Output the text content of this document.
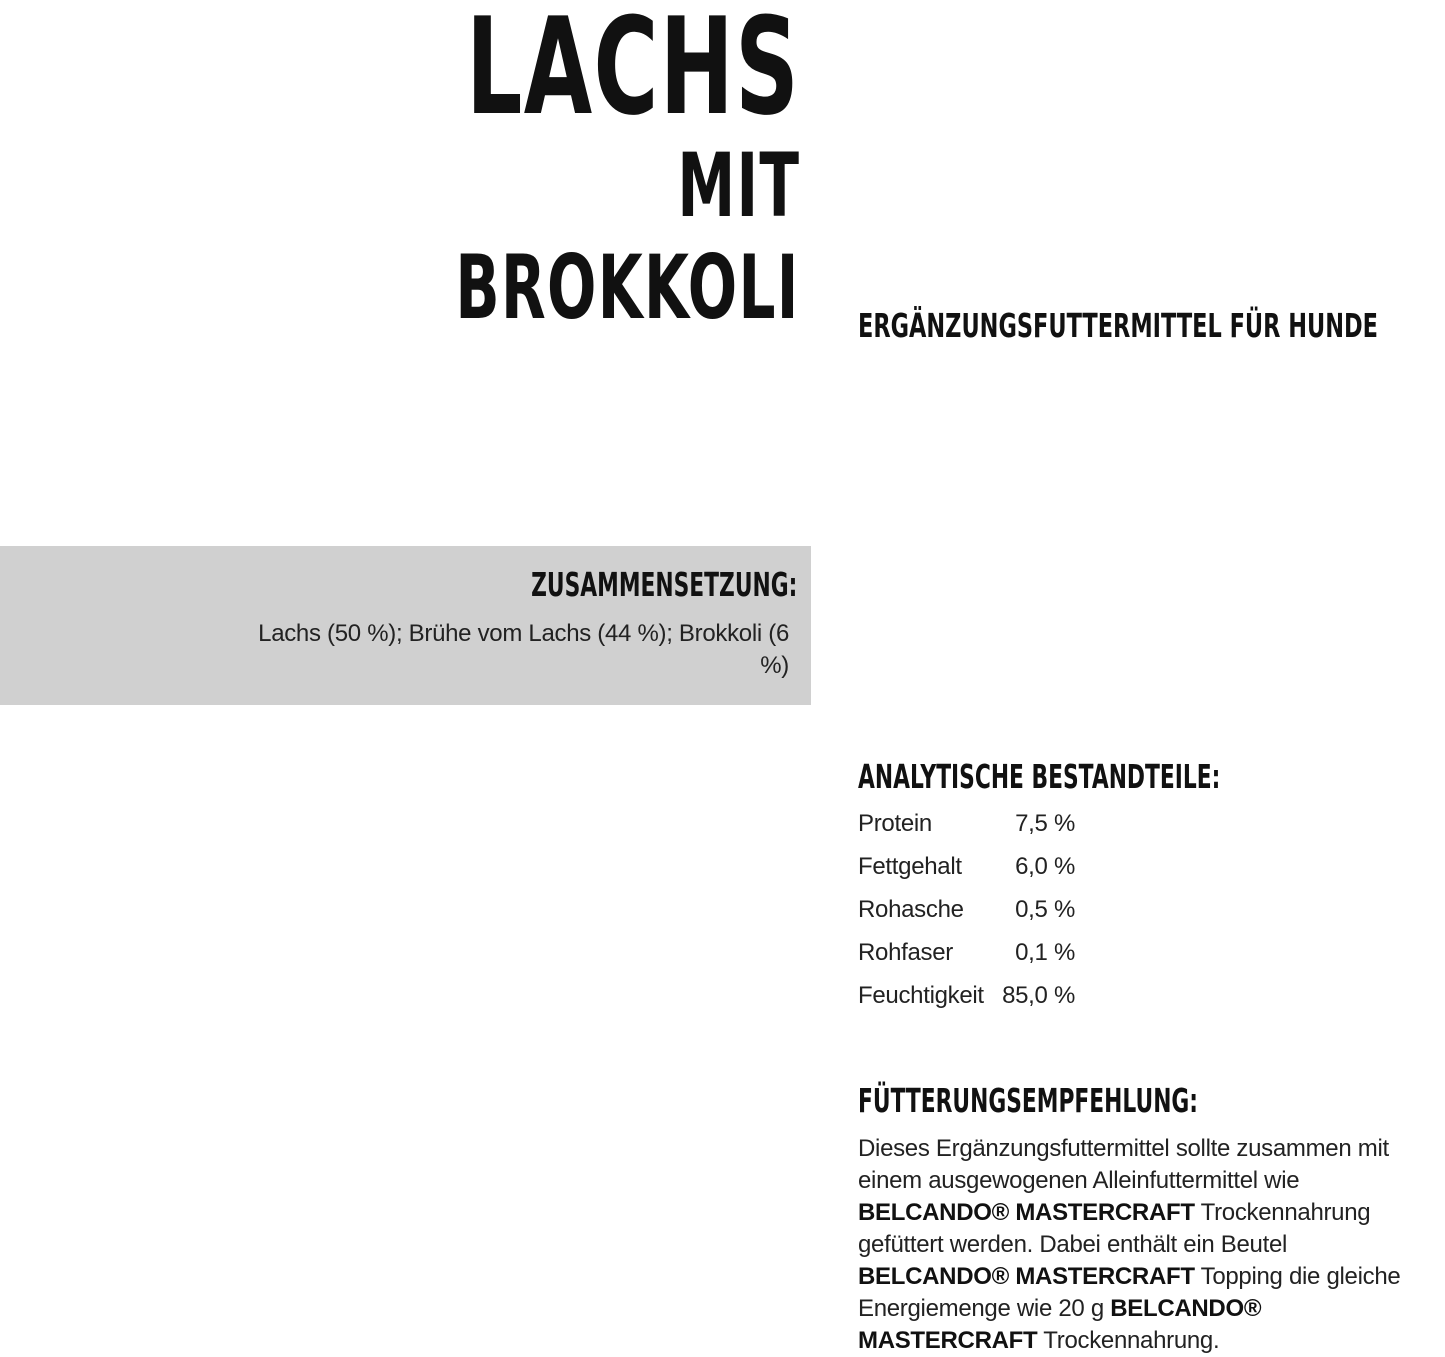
LACHS
MIT
BROKKOLI ERGÄNZUNGSFUTTERMITTEL FÜR HUNDE
ZUSAMMENSETZUNG:
Lachs (50 %); Brühe vom Lachs (44 %); Brokkoli (6 %)
ANALYTISCHE BESTANDTEILE:
Protein	7,5 %
Fettgehalt 6,0 %
Rohasche 0,5 %
Rohfaser	0,1 %
Feuchtigkeit 85,0 %
FÜTTERUNGSEMPFEHLUNG:
Dieses Ergänzungsfuttermittel sollte zusammen mit einem ausgewogenen Alleinfuttermittel wie BELCANDO® MASTERCRAFT Trockennahrung gefüttert werden. Dabei enthält ein Beutel BELCANDO® MASTERCRAFT Topping die gleiche Energiemenge wie 20 g BELCANDO® MASTERCRAFT Trockennahrung.
